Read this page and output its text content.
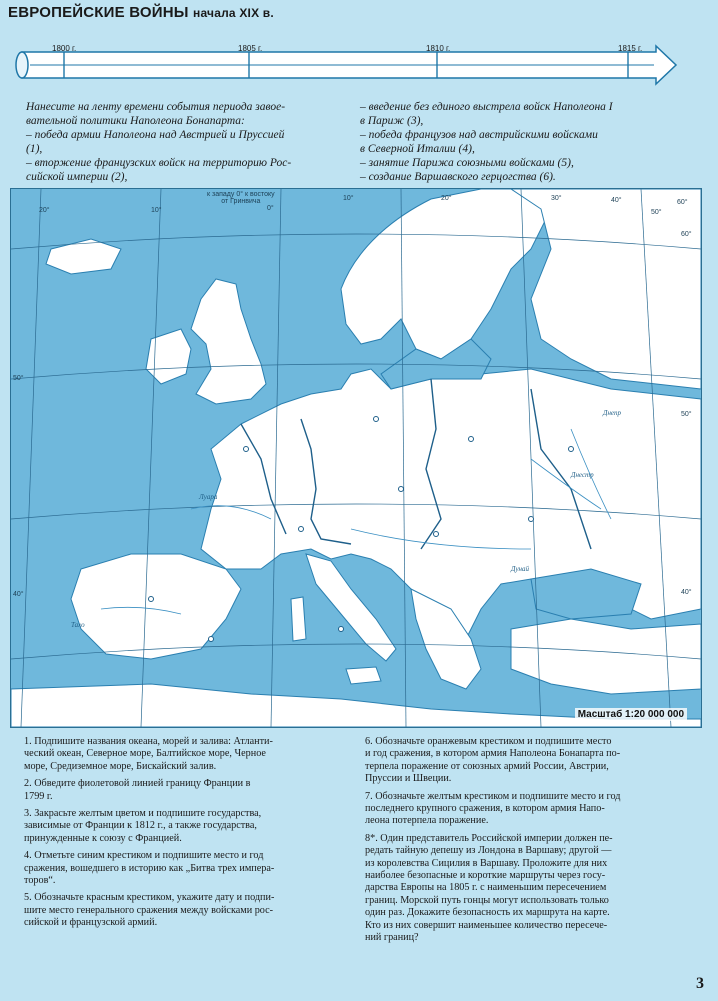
ЕВРОПЕЙСКИЕ ВОЙНЫ начала XIX в.
1800 г.	1805 г.	1810 г.	1815 г.
Нанесите на ленту времени события периода завое-
вательной политики Наполеона Бонапарта:
– победа армии Наполеона над Австрией и Пруссией
(1),
– вторжение французских войск на территорию Рос-
сийской империи (2),
– введение без единого выстрела войск Наполеона I
в Париж (3),
– победа французов над австрийскими войсками
в Северной Италии (4),
– занятие Парижа союзными войсками (5),
– создание Варшавского герцогства (6).
20°	10°	0°
10°	20°	30°	40°
50°
60°
50°
40°
60°
50°
40°
к западу 0° к востоку
от Гринвича
Луара
Тахо
Днепр
Днестр
Дунай
Масштаб 1:20 000 000

1. Подпишите названия океана, морей и залива: Атланти-
ческий океан, Северное море, Балтийское море, Черное
море, Средиземное море, Бискайский залив.

2. Обведите фиолетовой линией границу Франции в
1799 г.

3. Закрасьте желтым цветом и подпишите государства,
зависимые от Франции к 1812 г., а также государства,
принужденные к союзу с Францией.

4. Отметьте синим крестиком и подпишите место и год
сражения, вошедшего в историю как „Битва трех импера-
торов“.

5. Обозначьте красным крестиком, укажите дату и подпи-
шите место генерального сражения между войсками рос-
сийской и французской армий.

6. Обозначьте оранжевым крестиком и подпишите место
и год сражения, в котором армия Наполеона Бонапарта по-
терпела поражение от союзных армий России, Австрии,
Пруссии и Швеции.

7. Обозначьте желтым крестиком и подпишите место и год
последнего крупного сражения, в котором армия Напо-
леона потерпела поражение.

8*. Один представитель Российской империи должен пе-
редать тайную депешу из Лондона в Варшаву; другой —
из королевства Сицилия в Варшаву. Проложите для них
наиболее безопасные и короткие маршруты через госу-
дарства Европы на 1805 г. с наименьшим пересечением
границ. Морской путь гонцы могут использовать только
один раз. Докажите безопасность их маршрута на карте.
Кто из них совершит наименьшее количество пересече-
ний границ?

3
